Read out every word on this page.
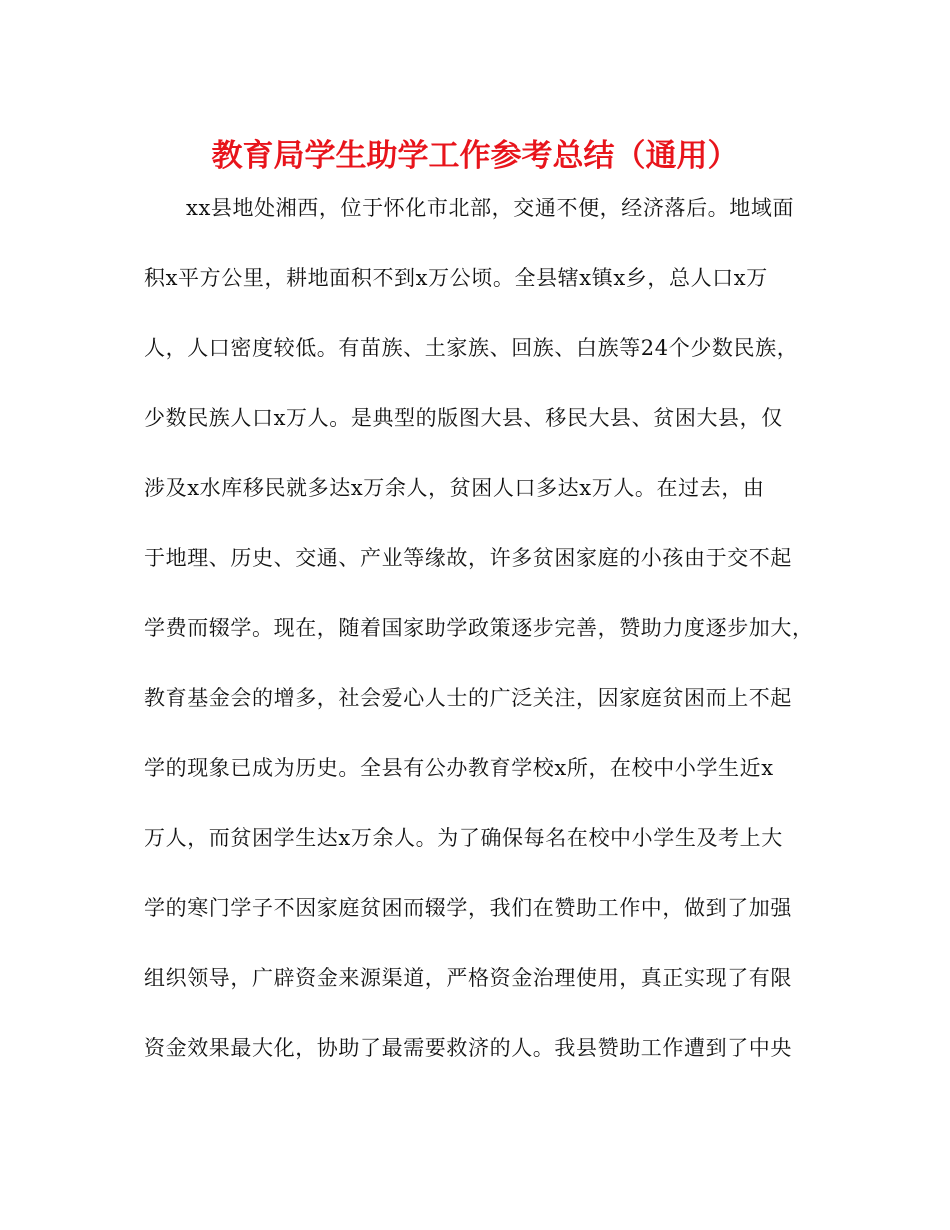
教育局学生助学工作参考总结（通用）
xx县地处湘西，位于怀化市北部，交通不便，经济落后。地域面
积x平方公里，耕地面积不到x万公顷。全县辖x镇x乡，总人口x万
人，人口密度较低。有苗族、土家族、回族、白族等24个少数民族，
少数民族人口x万人。是典型的版图大县、移民大县、贫困大县，仅
涉及x水库移民就多达x万余人，贫困人口多达x万人。在过去，由
于地理、历史、交通、产业等缘故，许多贫困家庭的小孩由于交不起
学费而辍学。现在，随着国家助学政策逐步完善，赞助力度逐步加大，
教育基金会的增多，社会爱心人士的广泛关注，因家庭贫困而上不起
学的现象已成为历史。全县有公办教育学校x所，在校中小学生近x
万人，而贫困学生达x万余人。为了确保每名在校中小学生及考上大
学的寒门学子不因家庭贫困而辍学，我们在赞助工作中，做到了加强
组织领导，广辟资金来源渠道，严格资金治理使用，真正实现了有限
资金效果最大化，协助了最需要救济的人。我县赞助工作遭到了中央
